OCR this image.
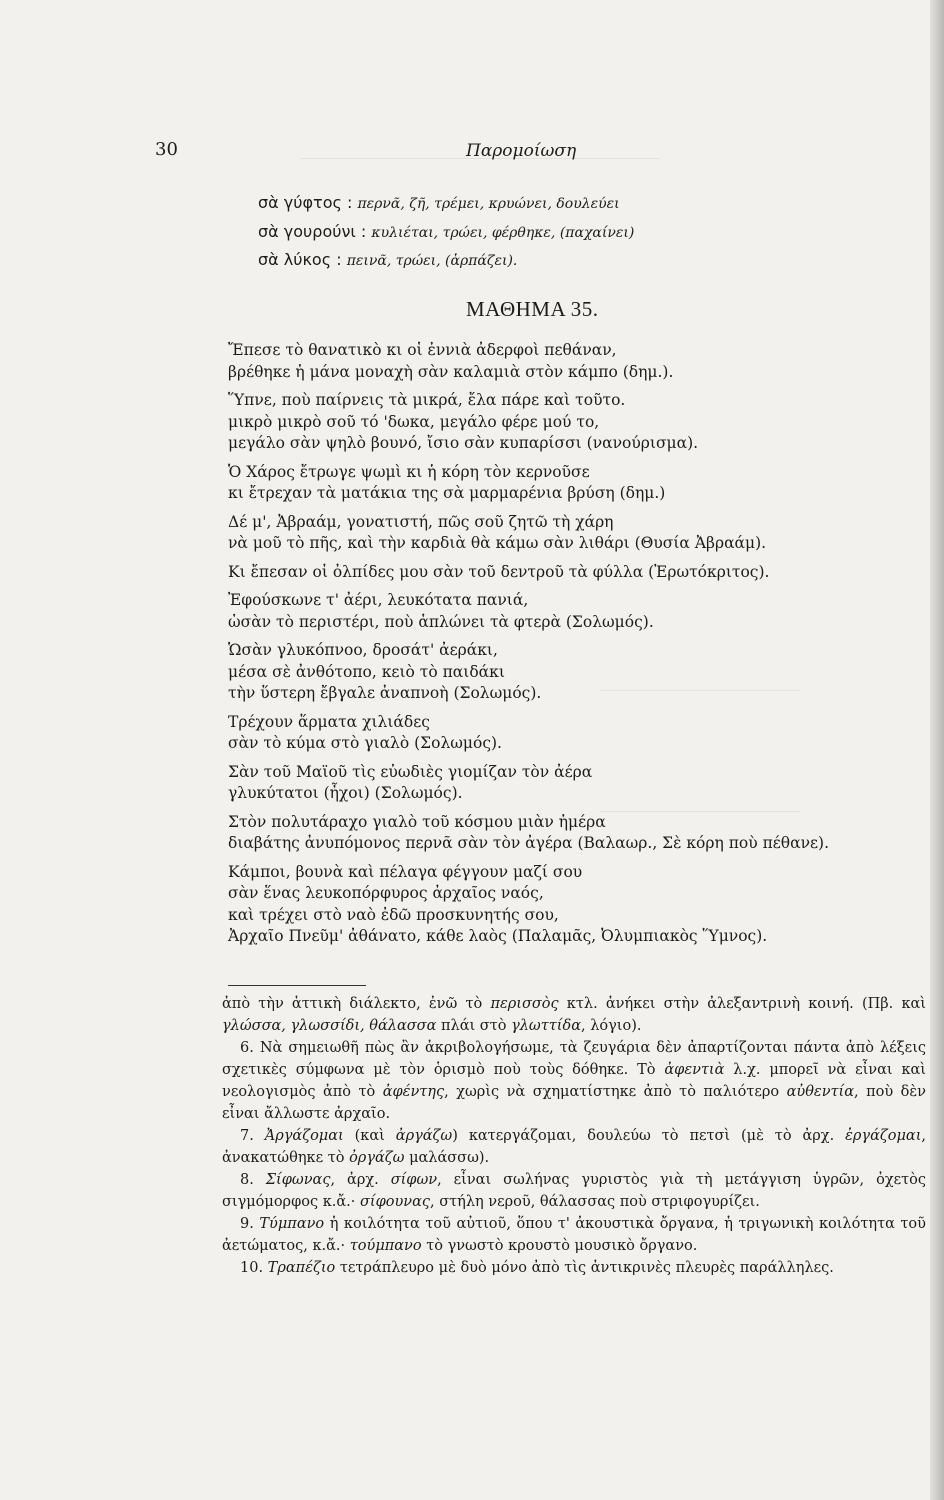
30	Παρομοίωση
σὰ γύφτος : περνᾶ, ζῆ, τρέμει, κρυώνει, δουλεύει
σὰ γουρούνι : κυλιέται, τρώει, φέρθηκε, (παχαίνει)
σὰ λύκος : πεινᾶ, τρώει, (ἁρπάζει).
ΜΑΘΗΜΑ 35.
Ἔπεσε τὸ θανατικὸ κι οἱ ἐννιὰ ἀδερφοὶ πεθάναν,
βρέθηκε ἡ μάνα μοναχὴ σὰν καλαμιὰ στὸν κάμπο (δημ.).
Ὕπνε, ποὺ παίρνεις τὰ μικρά, ἔλα πάρε καὶ τοῦτο.
μικρὸ μικρὸ σοῦ τό 'δωκα, μεγάλο φέρε μού το,
μεγάλο σὰν ψηλὸ βουνό, ἴσιο σὰν κυπαρίσσι (νανούρισμα).
Ὁ Χάρος ἔτρωγε ψωμὶ κι ἡ κόρη τὸν κερνοῦσε
κι ἔτρεχαν τὰ ματάκια της σὰ μαρμαρένια βρύση (δημ.)
Δέ μ', Ἀβραάμ, γονατιστή, πῶς σοῦ ζητῶ τὴ χάρη
νὰ μοῦ τὸ πῆς, καὶ τὴν καρδιὰ θὰ κάμω σὰν λιθάρι (Θυσία Ἀβραάμ).
Κι ἔπεσαν οἱ ὀλπίδες μου σὰν τοῦ δεντροῦ τὰ φύλλα (Ἐρωτόκριτος).
Ἐφούσκωνε τ' ἀέρι, λευκότατα πανιά,
ὡσὰν τὸ περιστέρι, ποὺ ἁπλώνει τὰ φτερὰ (Σολωμός).
Ὡσὰν γλυκόπνοο, δροσάτ' ἀεράκι,
μέσα σὲ ἀνθότοπο, κειὸ τὸ παιδάκι
τὴν ὕστερη ἔβγαλε ἀναπνοὴ (Σολωμός).
Τρέχουν ἅρματα χιλιάδες
σὰν τὸ κύμα στὸ γιαλὸ (Σολωμός).
Σὰν τοῦ Μαϊοῦ τὶς εὐωδιὲς γιομίζαν τὸν ἀέρα
γλυκύτατοι (ἦχοι) (Σολωμός).
Στὸν πολυτάραχο γιαλὸ τοῦ κόσμου μιὰν ἡμέρα
διαβάτης ἀνυπόμονος περνᾶ σὰν τὸν ἀγέρα (Βαλαωρ., Σὲ κόρη ποὺ πέθανε).
Κάμποι, βουνὰ καὶ πέλαγα φέγγουν μαζί σου
σὰν ἕνας λευκοπόρφυρος ἀρχαῖος ναός,
καὶ τρέχει στὸ ναὸ ἐδῶ προσκυνητής σου,
Ἀρχαῖο Πνεῦμ' ἀθάνατο, κάθε λαὸς (Παλαμᾶς, Ὀλυμπιακὸς Ὕμνος).

ἀπὸ τὴν ἀττικὴ διάλεκτο, ἐνῶ τὸ περισσὸς κτλ. ἀνήκει στὴν ἀλεξαντρινὴ κοινή. (Πβ. καὶ γλώσσα, γλωσσίδι, θάλασσα πλάι στὸ γλωττίδα, λόγιο).

6. Νὰ σημειωθῆ πὼς ἂν ἀκριβολογήσωμε, τὰ ζευγάρια δὲν ἀπαρτίζονται πάντα ἀπὸ λέξεις σχετικὲς σύμφωνα μὲ τὸν ὁρισμὸ ποὺ τοὺς δόθηκε. Τὸ ἀφεντιὰ λ.χ. μπορεῖ νὰ εἶναι καὶ νεολογισμὸς ἀπὸ τὸ ἀφέντης, χωρὶς νὰ σχηματίστηκε ἀπὸ τὸ παλιότερο αὐθεντία, ποὺ δὲν εἶναι ἄλλωστε ἀρχαῖο.

7. Ἀργάζομαι (καὶ ἀργάζω) κατεργάζομαι, δουλεύω τὸ πετσὶ (μὲ τὸ ἀρχ. ἐργάζομαι, ἀνακατώθηκε τὸ ὀργάζω μαλάσσω).

8. Σίφωνας, ἀρχ. σίφων, εἶναι σωλήνας γυριστὸς γιὰ τὴ μετάγγιση ὑγρῶν, ὀχετὸς σιγμόμορφος κ.ἄ.· σίφουνας, στήλη νεροῦ, θάλασσας ποὺ στριφογυρίζει.

9. Τύμπανο ἡ κοιλότητα τοῦ αὐτιοῦ, ὅπου τ' ἀκουστικὰ ὄργανα, ἡ τριγωνικὴ κοιλότητα τοῦ ἀετώματος, κ.ἄ.· τούμπανο τὸ γνωστὸ κρουστὸ μουσικὸ ὄργανο.

10. Τραπέζιο τετράπλευρο μὲ δυὸ μόνο ἀπὸ τὶς ἀντικρινὲς πλευρὲς παράλληλες.
